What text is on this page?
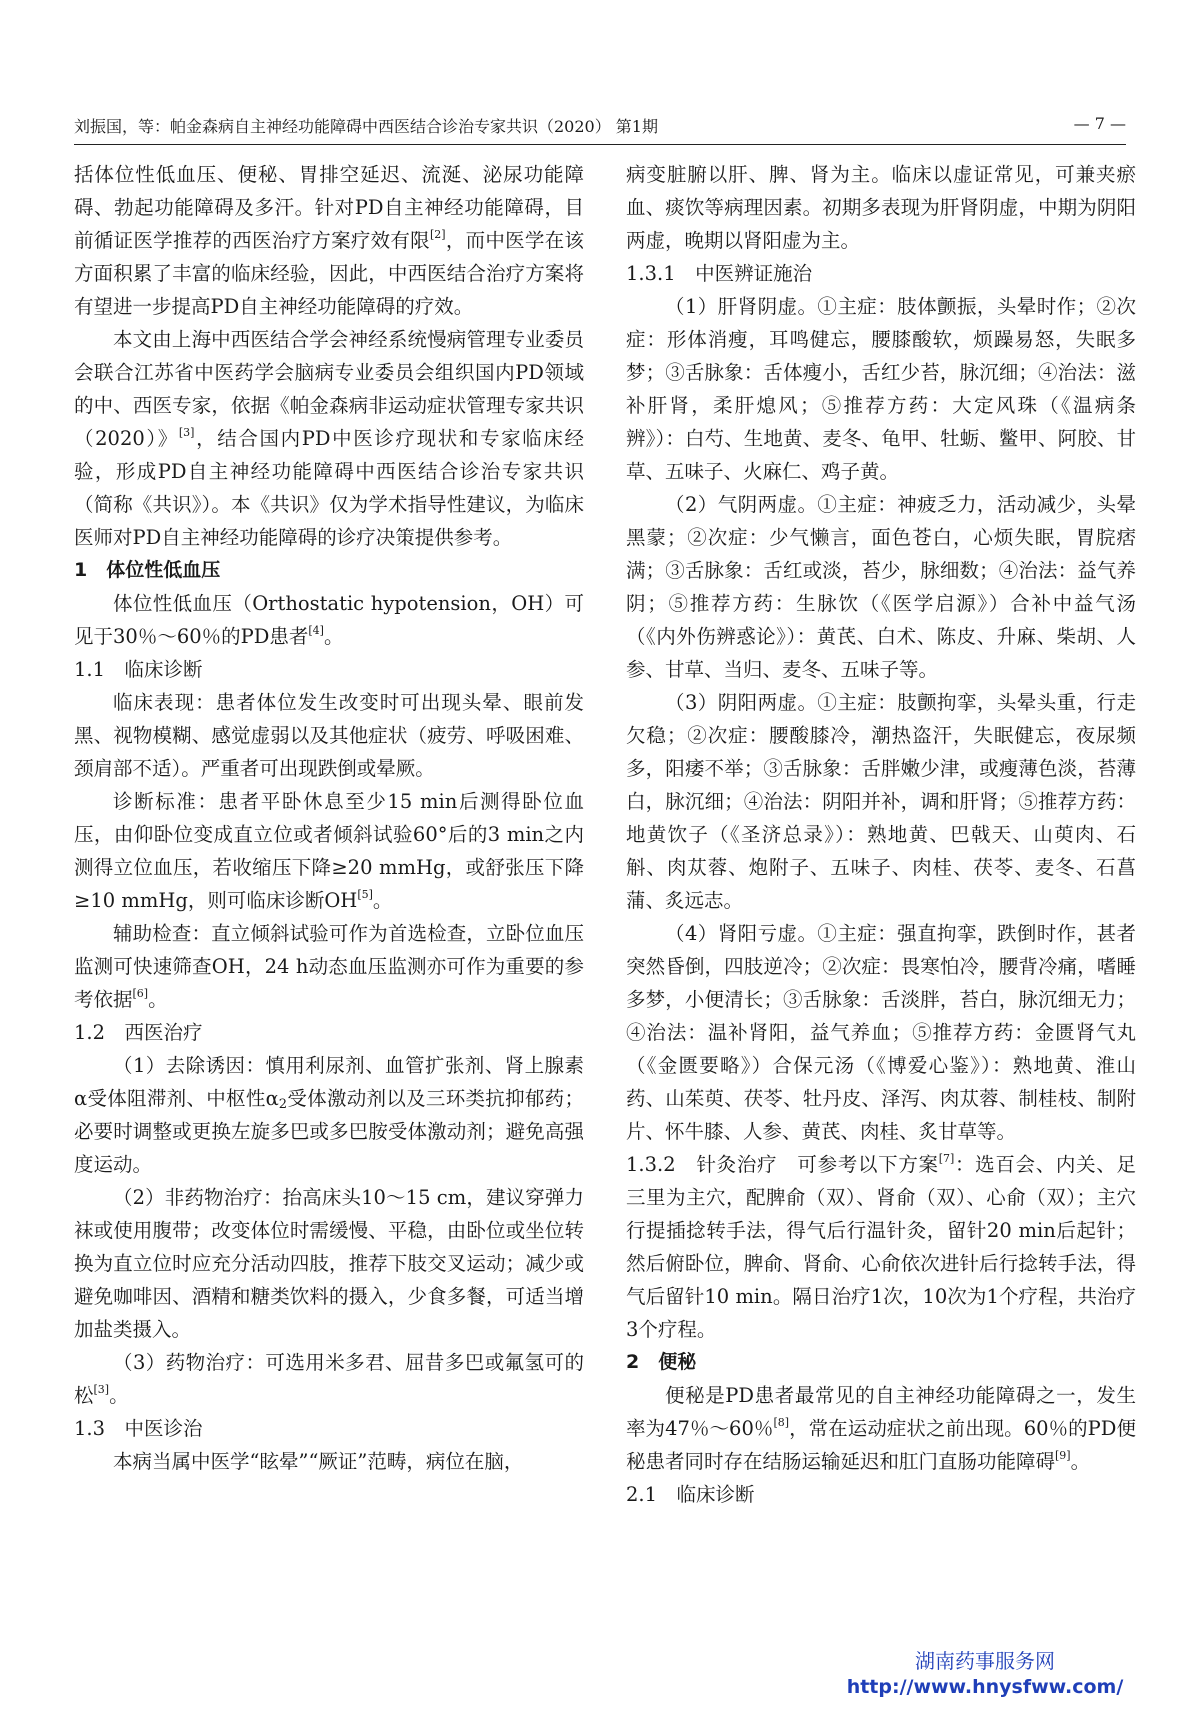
刘振国，等：帕金森病自主神经功能障碍中西医结合诊治专家共识（2020） 第1期	— 7 —

括体位性低血压、便秘、胃排空延迟、流涎、泌尿功能障碍、勃起功能障碍及多汗。针对PD自主神经功能障碍，目前循证医学推荐的西医治疗方案疗效有限[2]，而中医学在该方面积累了丰富的临床经验，因此，中西医结合治疗方案将有望进一步提高PD自主神经功能障碍的疗效。

本文由上海中西医结合学会神经系统慢病管理专业委员会联合江苏省中医药学会脑病专业委员会组织国内PD领域的中、西医专家，依据《帕金森病非运动症状管理专家共识（2020）》[3]，结合国内PD中医诊疗现状和专家临床经验，形成PD自主神经功能障碍中西医结合诊治专家共识（简称《共识》）。本《共识》仅为学术指导性建议，为临床医师对PD自主神经功能障碍的诊疗决策提供参考。

1　体位性低血压

体位性低血压（Orthostatic hypotension，OH）可见于30％～60％的PD患者[4]。

1.1　临床诊断

临床表现：患者体位发生改变时可出现头晕、眼前发黑、视物模糊、感觉虚弱以及其他症状（疲劳、呼吸困难、颈肩部不适）。严重者可出现跌倒或晕厥。

诊断标准：患者平卧休息至少15 min后测得卧位血压，由仰卧位变成直立位或者倾斜试验60°后的3 min之内测得立位血压，若收缩压下降≥20 mmHg，或舒张压下降≥10 mmHg，则可临床诊断OH[5]。

辅助检查：直立倾斜试验可作为首选检查，立卧位血压监测可快速筛查OH，24 h动态血压监测亦可作为重要的参考依据[6]。

1.2　西医治疗

（1）去除诱因：慎用利尿剂、血管扩张剂、肾上腺素α受体阻滞剂、中枢性$\alpha_2$受体激动剂以及三环类抗抑郁药；必要时调整或更换左旋多巴或多巴胺受体激动剂；避免高强度运动。

（2）非药物治疗：抬高床头10～15 cm，建议穿弹力袜或使用腹带；改变体位时需缓慢、平稳，由卧位或坐位转换为直立位时应充分活动四肢，推荐下肢交叉运动；减少或避免咖啡因、酒精和糖类饮料的摄入，少食多餐，可适当增加盐类摄入。

（3）药物治疗：可选用米多君、屈昔多巴或氟氢可的松[3]。

1.3　中医诊治

本病当属中医学“眩晕”“厥证”范畴，病位在脑，

病变脏腑以肝、脾、肾为主。临床以虚证常见，可兼夹瘀血、痰饮等病理因素。初期多表现为肝肾阴虚，中期为阴阳两虚，晚期以肾阳虚为主。

1.3.1　中医辨证施治

（1）肝肾阴虚。①主症：肢体颤振，头晕时作；②次症：形体消瘦，耳鸣健忘，腰膝酸软，烦躁易怒，失眠多梦；③舌脉象：舌体瘦小，舌红少苔，脉沉细；④治法：滋补肝肾，柔肝熄风；⑤推荐方药：大定风珠（《温病条辨》）：白芍、生地黄、麦冬、龟甲、牡蛎、鳖甲、阿胶、甘草、五味子、火麻仁、鸡子黄。

（2）气阴两虚。①主症：神疲乏力，活动减少，头晕黑蒙；②次症：少气懒言，面色苍白，心烦失眠，胃脘痞满；③舌脉象：舌红或淡，苔少，脉细数；④治法：益气养阴；⑤推荐方药：生脉饮（《医学启源》）合补中益气汤（《内外伤辨惑论》）：黄芪、白术、陈皮、升麻、柴胡、人参、甘草、当归、麦冬、五味子等。

（3）阴阳两虚。①主症：肢颤拘挛，头晕头重，行走欠稳；②次症：腰酸膝冷，潮热盗汗，失眠健忘，夜尿频多，阳痿不举；③舌脉象：舌胖嫩少津，或瘦薄色淡，苔薄白，脉沉细；④治法：阴阳并补，调和肝肾；⑤推荐方药：地黄饮子（《圣济总录》）：熟地黄、巴戟天、山萸肉、石斛、肉苁蓉、炮附子、五味子、肉桂、茯苓、麦冬、石菖蒲、炙远志。

（4）肾阳亏虚。①主症：强直拘挛，跌倒时作，甚者突然昏倒，四肢逆冷；②次症：畏寒怕冷，腰背冷痛，嗜睡多梦，小便清长；③舌脉象：舌淡胖，苔白，脉沉细无力；④治法：温补肾阳，益气养血；⑤推荐方药：金匮肾气丸（《金匮要略》）合保元汤（《博爱心鉴》）：熟地黄、淮山药、山茱萸、茯苓、牡丹皮、泽泻、肉苁蓉、制桂枝、制附片、怀牛膝、人参、黄芪、肉桂、炙甘草等。

1.3.2　针灸治疗　可参考以下方案[7]：选百会、内关、足三里为主穴，配脾俞（双）、肾俞（双）、心俞（双）；主穴行提插捻转手法，得气后行温针灸，留针20 min后起针；然后俯卧位，脾俞、肾俞、心俞依次进针后行捻转手法，得气后留针10 min。隔日治疗1次，10次为1个疗程，共治疗3个疗程。

2　便秘

便秘是PD患者最常见的自主神经功能障碍之一，发生率为47％～60％[8]，常在运动症状之前出现。60％的PD便秘患者同时存在结肠运输延迟和肛门直肠功能障碍[9]。

2.1　临床诊断

湖南药事服务网
http://www.hnysfww.com/
